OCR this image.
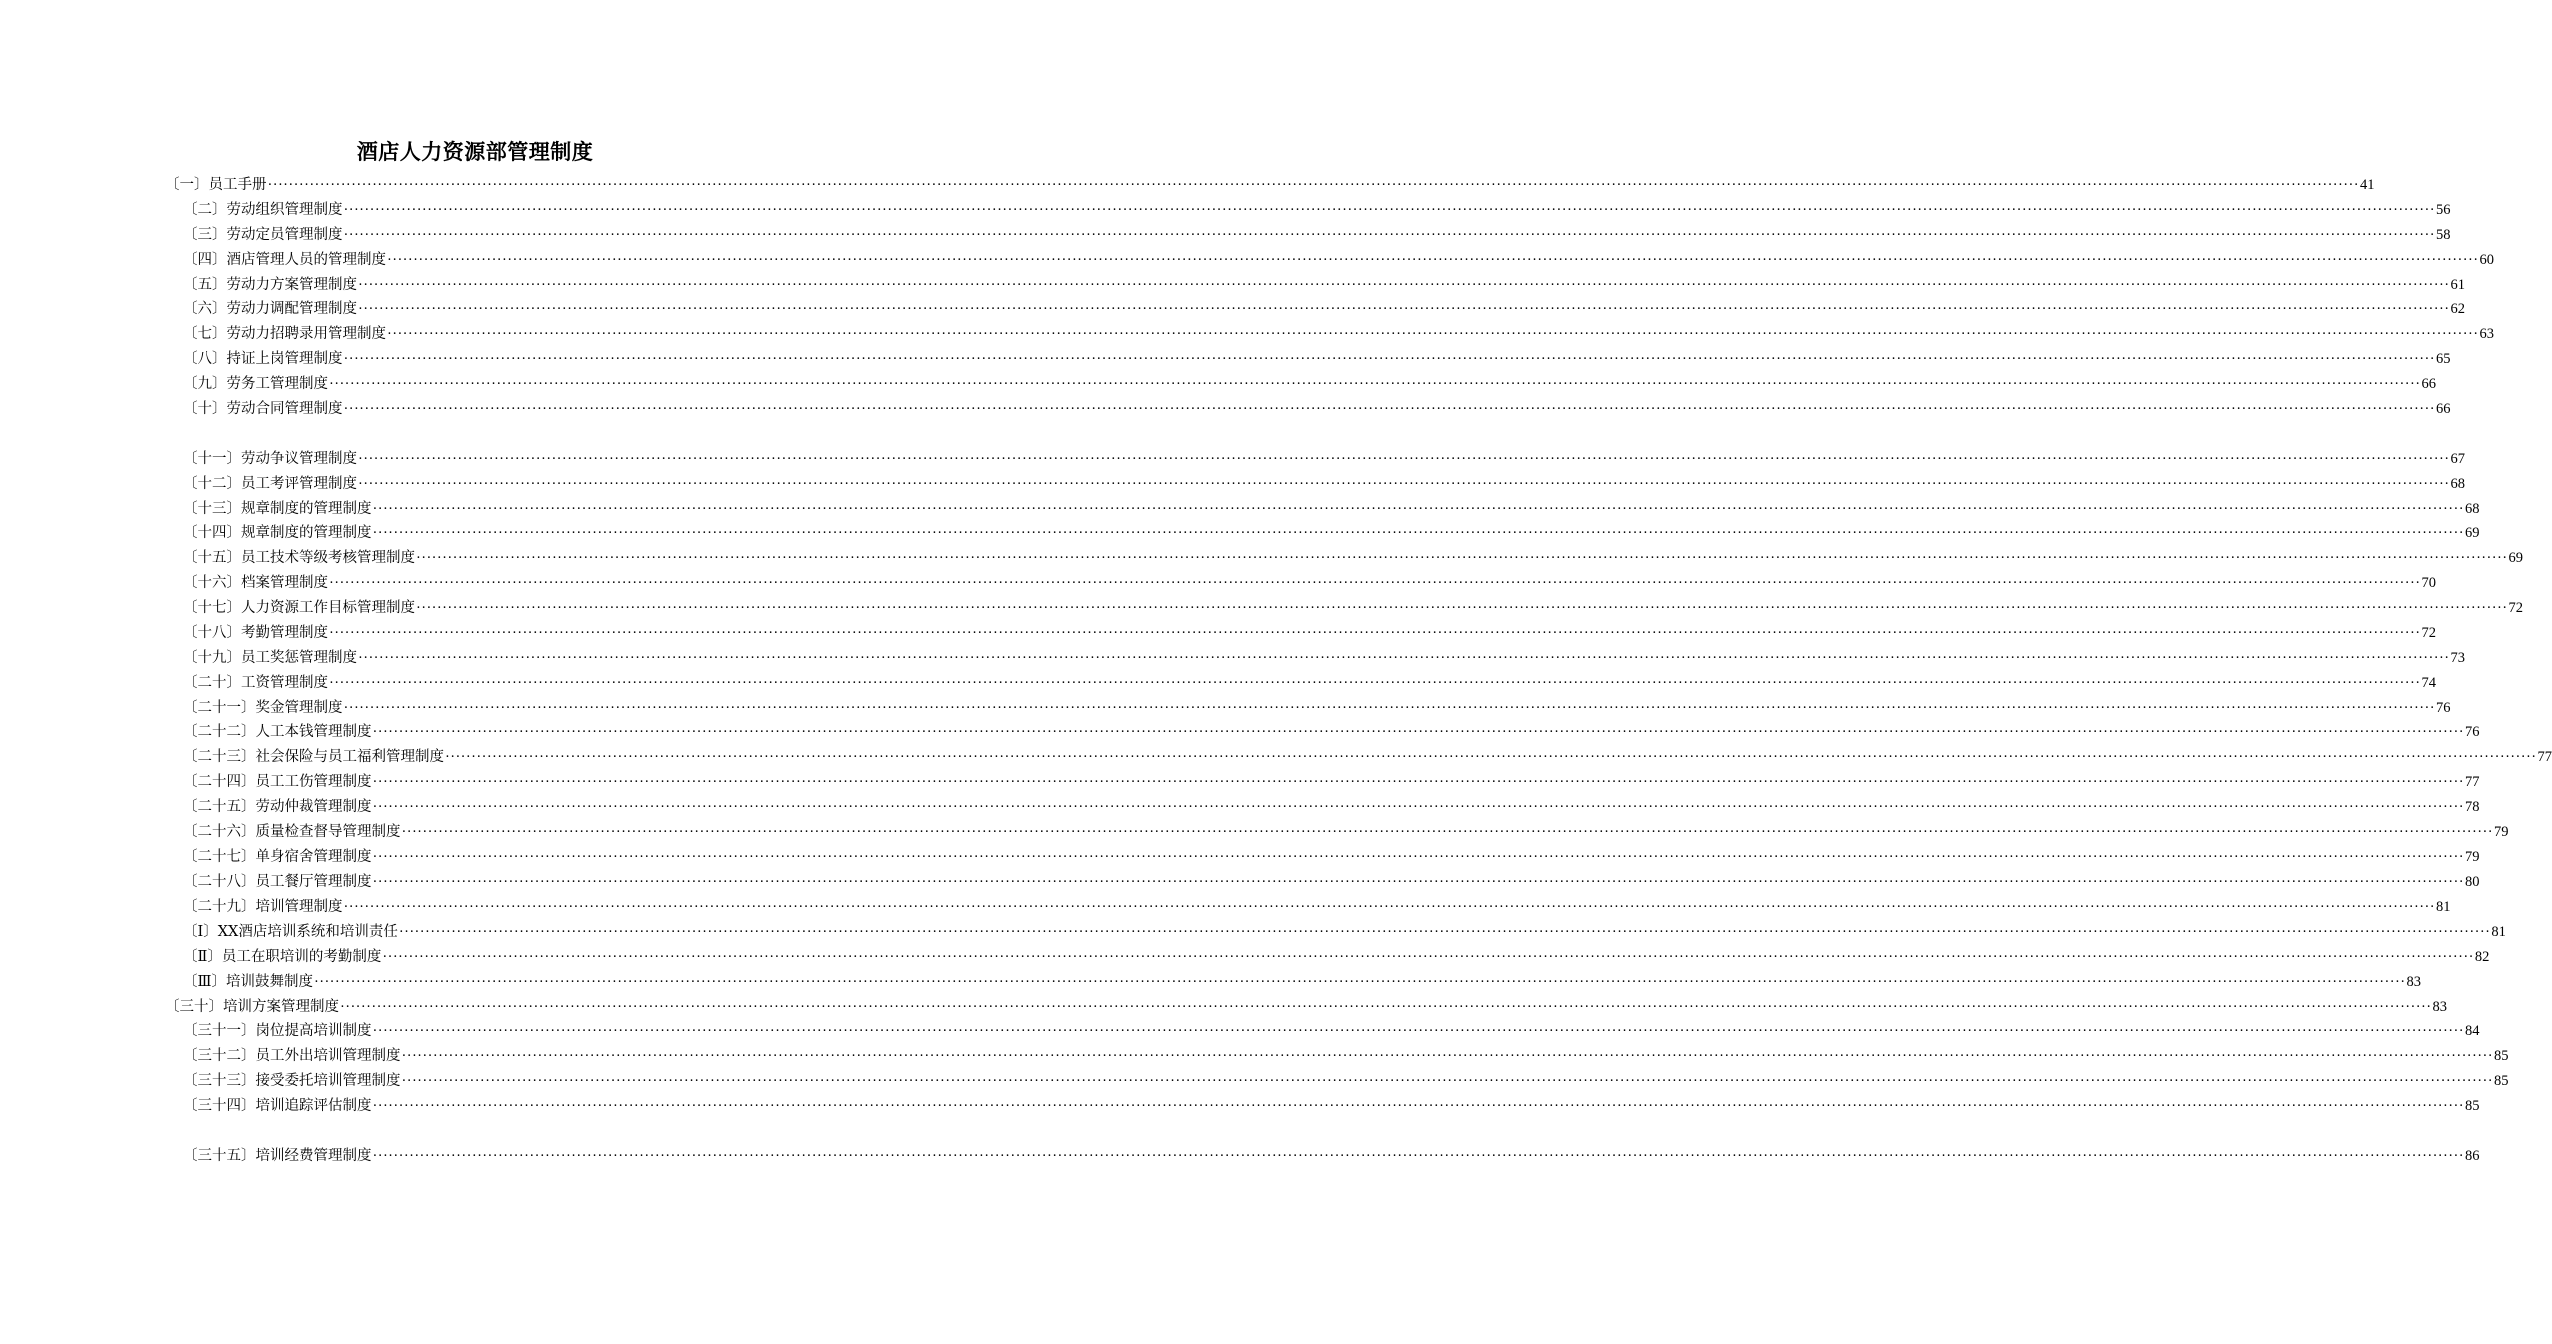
酒店人力资源部管理制度
〔一〕员工手册 ················································································································································································································································································································································································································ 41
〔二〕劳动组织管理制度 ················································································································································································································································································································································································································ 56
〔三〕劳动定员管理制度 ················································································································································································································································································································································································································ 58
〔四〕酒店管理人员的管理制度 ················································································································································································································································································································································································································ 60
〔五〕劳动力方案管理制度 ················································································································································································································································································································································································································ 61
〔六〕劳动力调配管理制度 ················································································································································································································································································································································································································ 62
〔七〕劳动力招聘录用管理制度 ················································································································································································································································································································································································································ 63
〔八〕持证上岗管理制度 ················································································································································································································································································································································································································ 65
〔九〕劳务工管理制度 ················································································································································································································································································································································································································ 66
〔十〕劳动合同管理制度 ················································································································································································································································································································································································································ 66
〔十一〕劳动争议管理制度 ················································································································································································································································································································································································································ 67
〔十二〕员工考评管理制度 ················································································································································································································································································································································································································ 68
〔十三〕规章制度的管理制度 ················································································································································································································································································································································································································ 68
〔十四〕规章制度的管理制度 ················································································································································································································································································································································································································ 69
〔十五〕员工技术等级考核管理制度 ················································································································································································································································································································································································································ 69
〔十六〕档案管理制度 ················································································································································································································································································································································································································ 70
〔十七〕人力资源工作目标管理制度 ················································································································································································································································································································································································································ 72
〔十八〕考勤管理制度 ················································································································································································································································································································································································································ 72
〔十九〕员工奖惩管理制度 ················································································································································································································································································································································································································ 73
〔二十〕工资管理制度 ················································································································································································································································································································································································································ 74
〔二十一〕奖金管理制度 ················································································································································································································································································································································································································ 76
〔二十二〕人工本钱管理制度 ················································································································································································································································································································································································································ 76
〔二十三〕社会保险与员工福利管理制度 ················································································································································································································································································································································································································ 77
〔二十四〕员工工伤管理制度 ················································································································································································································································································································································································································ 77
〔二十五〕劳动仲裁管理制度 ················································································································································································································································································································································································································ 78
〔二十六〕质量检查督导管理制度 ················································································································································································································································································································································································································ 79
〔二十七〕单身宿舍管理制度 ················································································································································································································································································································································································································ 79
〔二十八〕员工餐厅管理制度 ················································································································································································································································································································································································································ 80
〔二十九〕培训管理制度 ················································································································································································································································································································································································································ 81
〔Ⅰ〕XX酒店培训系统和培训责任 ················································································································································································································································································································································································································ 81
〔Ⅱ〕员工在职培训的考勤制度 ················································································································································································································································································································································································································ 82
〔Ⅲ〕培训鼓舞制度 ················································································································································································································································································································································································································ 83
〔三十〕培训方案管理制度 ················································································································································································································································································································································································································ 83
〔三十一〕岗位提高培训制度 ················································································································································································································································································································································································································ 84
〔三十二〕员工外出培训管理制度 ················································································································································································································································································································································································································ 85
〔三十三〕接受委托培训管理制度 ················································································································································································································································································································································································································ 85
〔三十四〕培训追踪评估制度 ················································································································································································································································································································································································································ 85
〔三十五〕培训经费管理制度 ················································································································································································································································································································································································································ 86
